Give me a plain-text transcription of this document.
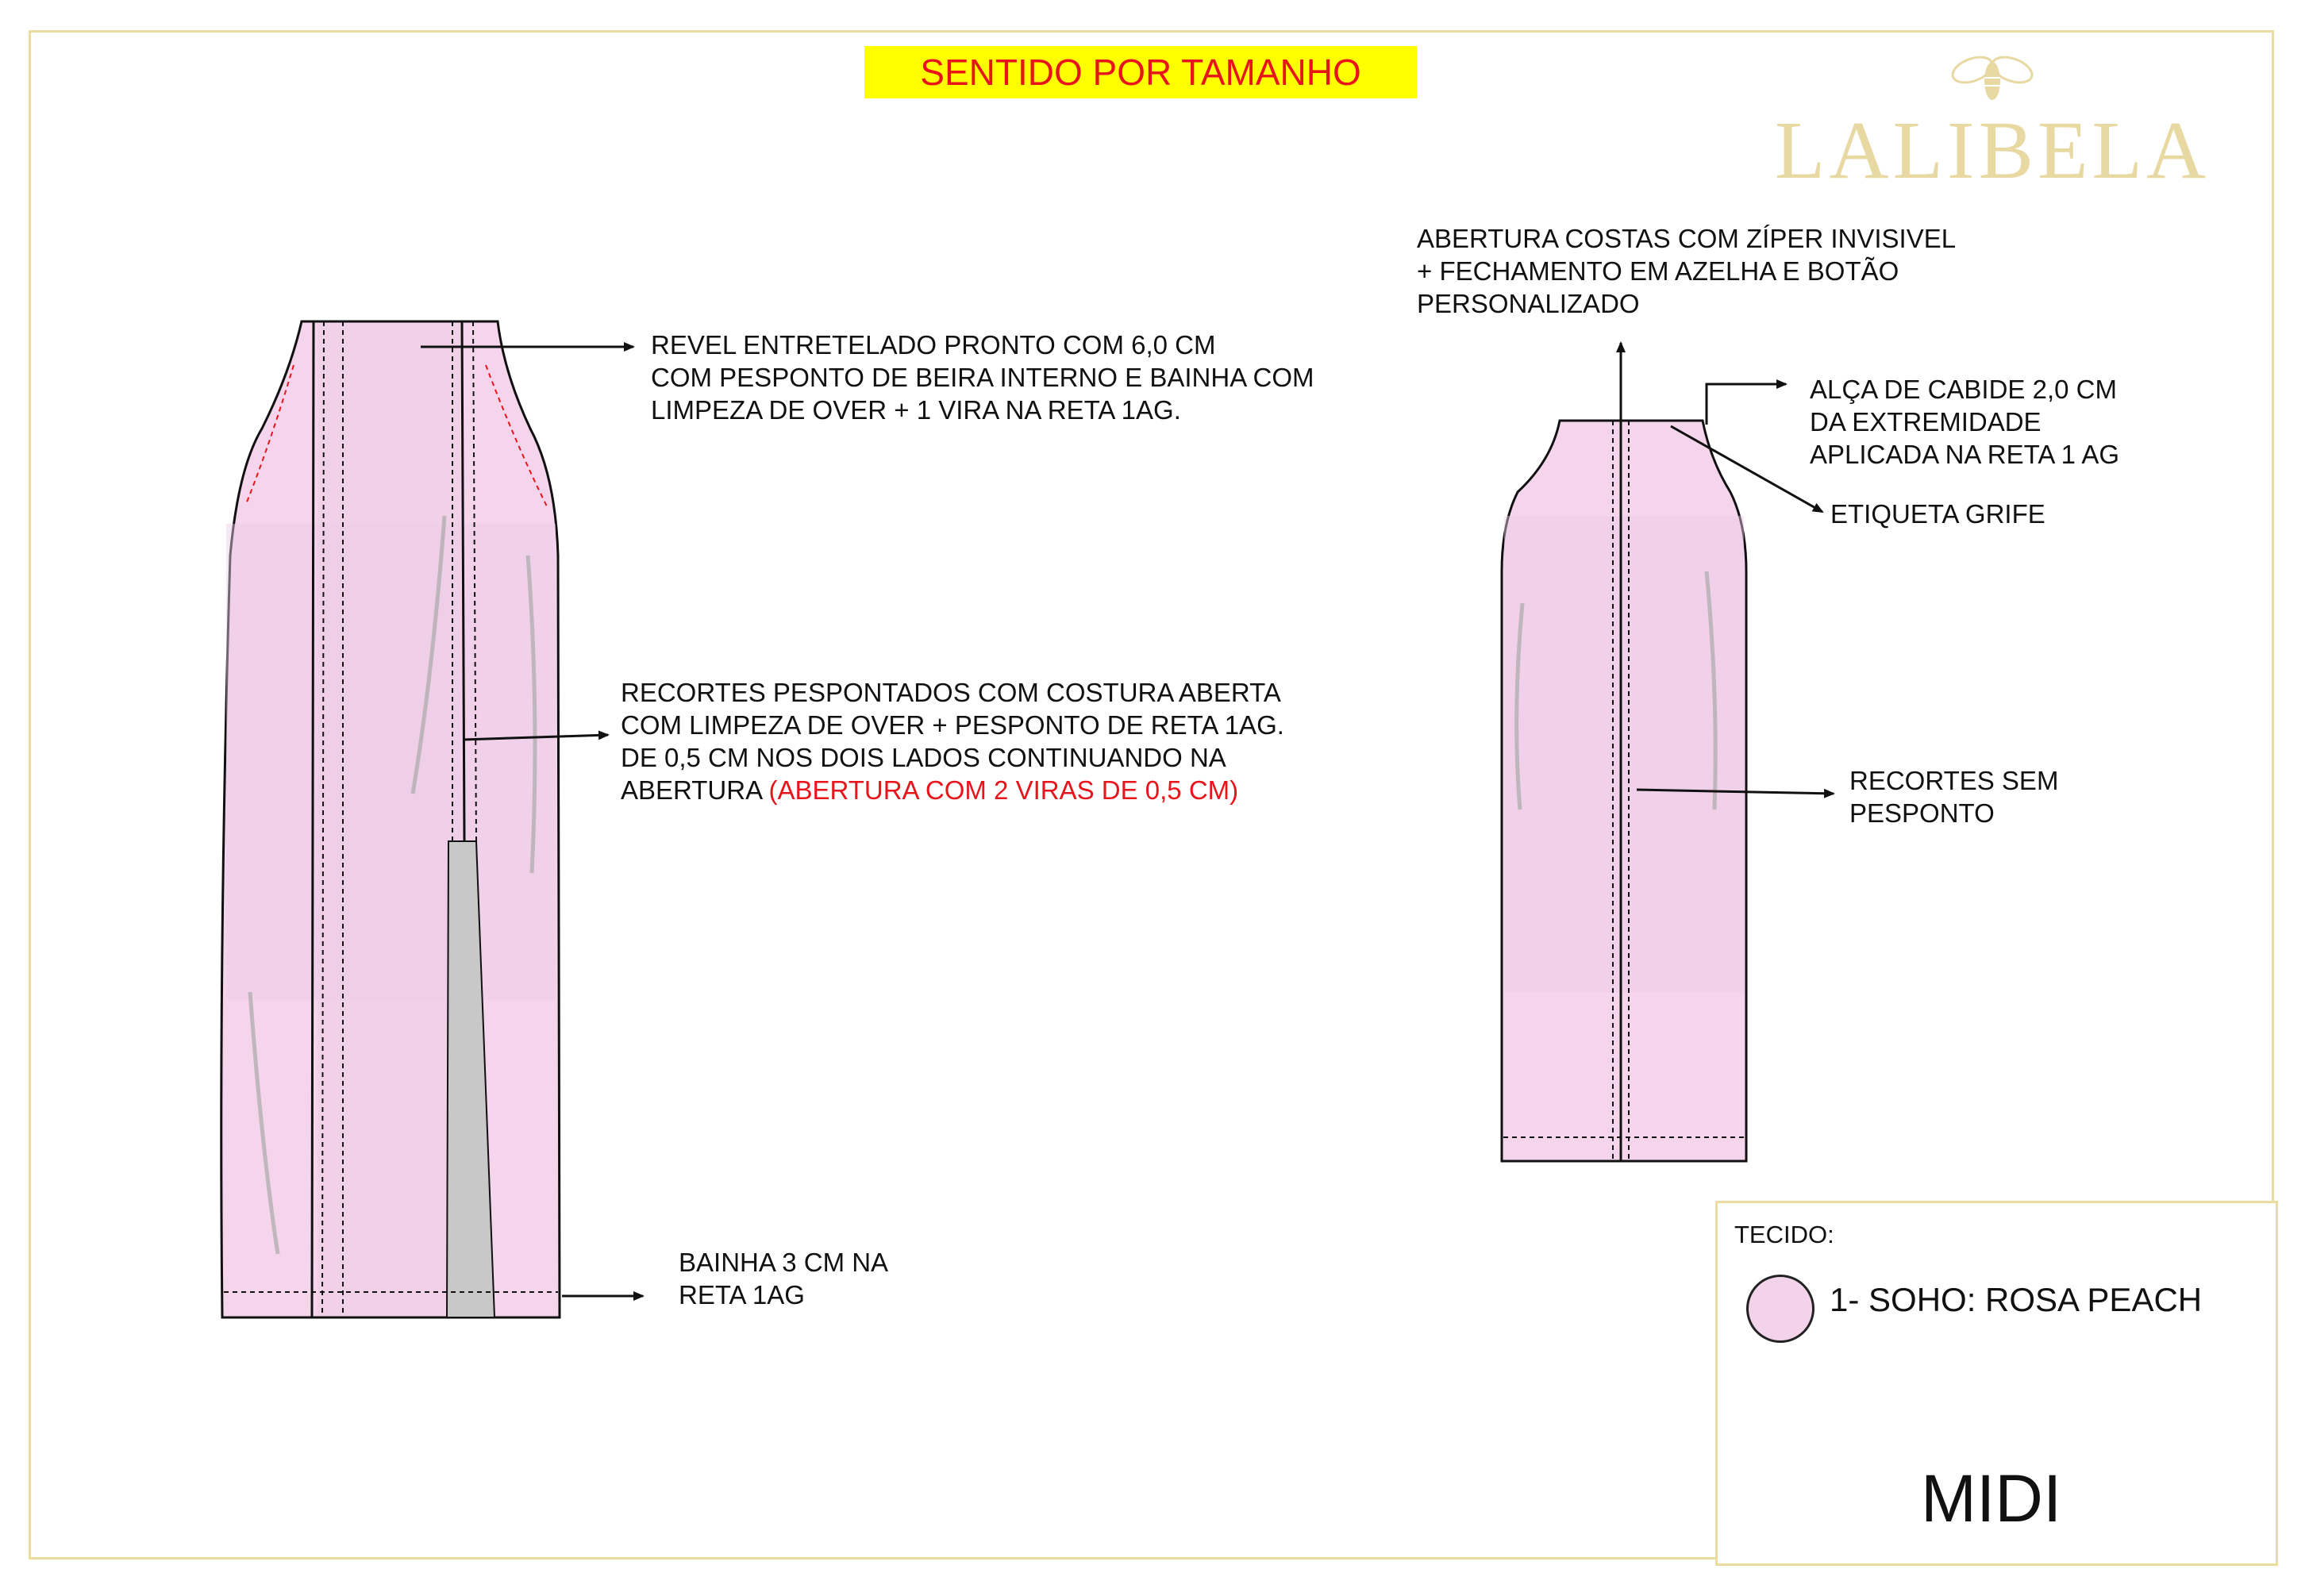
SENTIDO POR TAMANHO
LALIBELA
REVEL ENTRETELADO PRONTO COM 6,0 CM
COM PESPONTO DE BEIRA INTERNO E BAINHA COM
LIMPEZA DE OVER + 1 VIRA NA RETA 1AG.
RECORTES PESPONTADOS COM COSTURA ABERTA
COM LIMPEZA DE OVER + PESPONTO DE RETA 1AG.
DE 0,5 CM NOS DOIS LADOS CONTINUANDO NA
ABERTURA (ABERTURA COM 2 VIRAS DE 0,5 CM)
BAINHA 3 CM NA
RETA 1AG
ABERTURA COSTAS COM ZÍPER INVISIVEL
+ FECHAMENTO EM AZELHA E BOTÃO
PERSONALIZADO
ALÇA DE CABIDE 2,0 CM
DA EXTREMIDADE
APLICADA NA RETA 1 AG
ETIQUETA GRIFE
RECORTES SEM
PESPONTO
TECIDO:
1- SOHO: ROSA PEACH
MIDI
